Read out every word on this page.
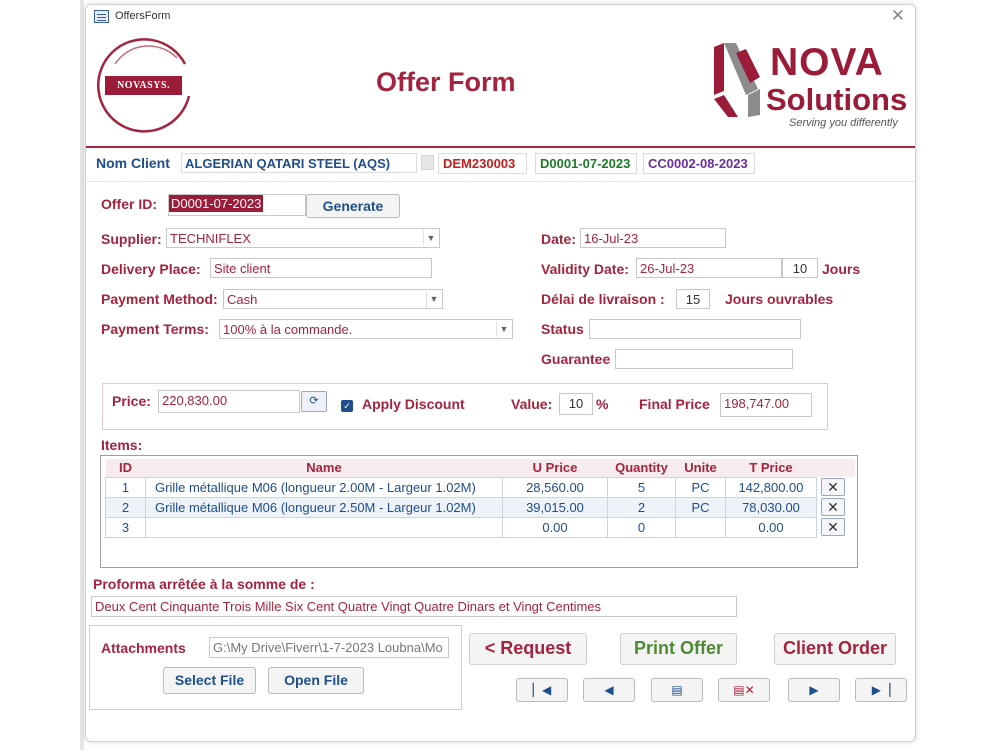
OffersForm	✕
NOVASYS.	Offer Form	NOVA
Solutions
Serving you differently
Nom Client	ALGERIAN QATARI STEEL (AQS)	DEM230003	D0001-07-2023	CC0002-08-2023
Offer ID: D0001-07-2023	Generate
Supplier: TECHNIFLEX	▼
Delivery Place:	Site client
Payment Method: Cash	▼
Payment Terms:	100% à la commande.	▼
Date: 16-Jul-23
Validity Date: 26-Jul-23	10	Jours
Délai de livraison :	15	Jours ouvrables
Status
Guarantee
Price: 220,830.00	⟳	✓ Apply Discount	Value:	10 % Final Price	198,747.00
Items:
ID	Name	U Price	Quantity	Unite	T Price	
1	Grille métallique M06 (longueur 2.00M - Largeur 1.02M)	28,560.00	5	PC	142,800.00	✕

2	Grille métallique M06 (longueur 2.50M - Largeur 1.02M)	39,015.00	2	PC	78,030.00	✕

3		0.00	0		0.00	✕
Proforma arrêtée à la somme de :
Deux Cent Cinquante Trois Mille Six Cent Quatre Vingt Quatre Dinars et Vingt Centimes
Attachments	G:\My Drive\Fiverr\1-7-2023 Loubna\Mo
Select File	Open File
< Request	Print Offer	Client Order
▏◀	◀	▤	▤✕	▶	▶▕
